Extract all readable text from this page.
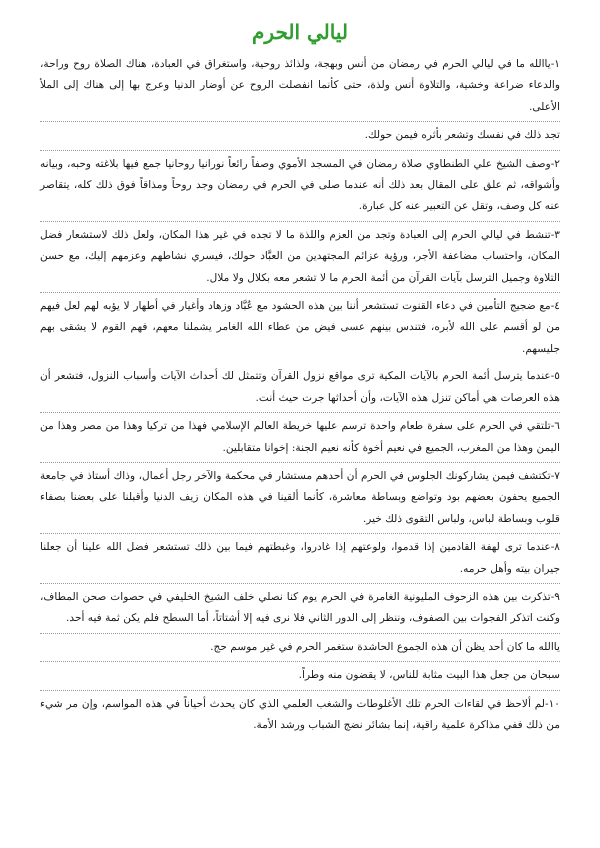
ليالي الحرم

١-ياالله ما في ليالي الحرم في رمضان من أنس وبهجة، ولذائذ روحية، واستغراق في العبادة، هناك الصلاة روح وراحة، والدعاء ضراعة وخشية، والتلاوة أنس ولذة، حتى كأنما انفصلت الروح عن أوضار الدنيا وعرج بها إلى هناك إلى الملأ الأعلى.

تجد ذلك في نفسك وتشعر بأثره فيمن حولك.

٢-وصف الشيخ علي الطنطاوي صلاة رمضان في المسجد الأموي وصفاً رائعاً نورانيا روحانيا جمع فيها بلاغته وحبه، وبيانه وأشواقه، ثم علق على المقال بعد ذلك أنه عندما صلى في الحرم في رمضان وجد روحاً ومذاقاً فوق ذلك كله، يتقاصر عنه كل وصف، وتقل عن التعبير عنه كل عبارة.

٣-تنشط في ليالي الحرم إلى العبادة وتجد من العزم واللذة ما لا تجده في غير هذا المكان، ولعل ذلك لاستشعار فضل المكان، واحتساب مضاعفة الأجر، ورؤية عزائم المجتهدين من العبَّاد حولك، فيسري نشاطهم وعزمهم إليك، مع حسن التلاوة وجميل الترسل بآيات القرآن من أئمة الحرم ما لا تشعر معه بكلال ولا ملال.

٤-مع ضجيج التأمين في دعاء القنوت تستشعر أننا بين هذه الحشود مع عُبَّاد وزهاد وأغيار في أطهار لا يؤبه لهم لعل فيهم من لو أقسم على الله لأبره، فتندس بينهم عسى فيض من عطاء الله الغامر يشملنا معهم، فهم القوم لا يشقى بهم جليسهم.

٥-عندما يترسل أئمة الحرم بالآيات المكية ترى مواقع نزول القرآن وتتمثل لك أحداث الآيات وأسباب النزول، فتشعر أن هذه العرصات هي أماكن تنزل هذه الآيات، وأن أحداثها جرت حيث أنت.

٦-تلتقي في الحرم على سفرة طعام واحدة ترسم عليها خريطة العالم الإسلامي فهذا من تركيا وهذا من مصر وهذا من اليمن وهذا من المغرب، الجميع في نعيم أخوة كأنه نعيم الجنة: إخوانا متقابلين.

٧-تكتشف فيمن يشاركونك الجلوس في الحرم أن أحدهم مستشار في محكمة والآخر رجل أعمال، وذاك أستاذ في جامعة الجميع يحفون بعضهم بود وتواضع وبساطة معاشرة، كأنما ألقينا في هذه المكان زيف الدنيا وأقبلنا على بعضنا بصفاء قلوب وبساطة لباس، ولباس التقوى ذلك خير.

٨-عندما ترى لهفة القادمين إذا قدموا، ولوعتهم إذا غادروا، وغبطتهم فيما بين ذلك تستشعر فضل الله علينا أن جعلنا جيران بيته وأهل حرمه.

٩-تذكرت بين هذه الزحوف المليونية الغامرة في الحرم يوم كنا نصلي خلف الشيخ الخليفي في حصوات صحن المطاف، وكنت اتذكر الفجوات بين الصفوف، وننظر إلى الدور الثاني فلا نرى فيه إلا أشتاتاً، أما السطح فلم يكن ثمة فيه أحد.

ياالله ما كان أحد يظن أن هذه الجموع الحاشدة ستغمر الحرم في غير موسم حج.

سبحان من جعل هذا البيت مثابة للناس، لا يقضون منه وطراً.

١٠-لم ألاحظ في لقاءات الحرم تلك الأغلوطات والشغب العلمي الذي كان يحدث أحياناً في هذه المواسم، وإن مر شيء من ذلك ففي مذاكرة علمية راقية، إنما بشائر نضج الشباب ورشد الأمة.
